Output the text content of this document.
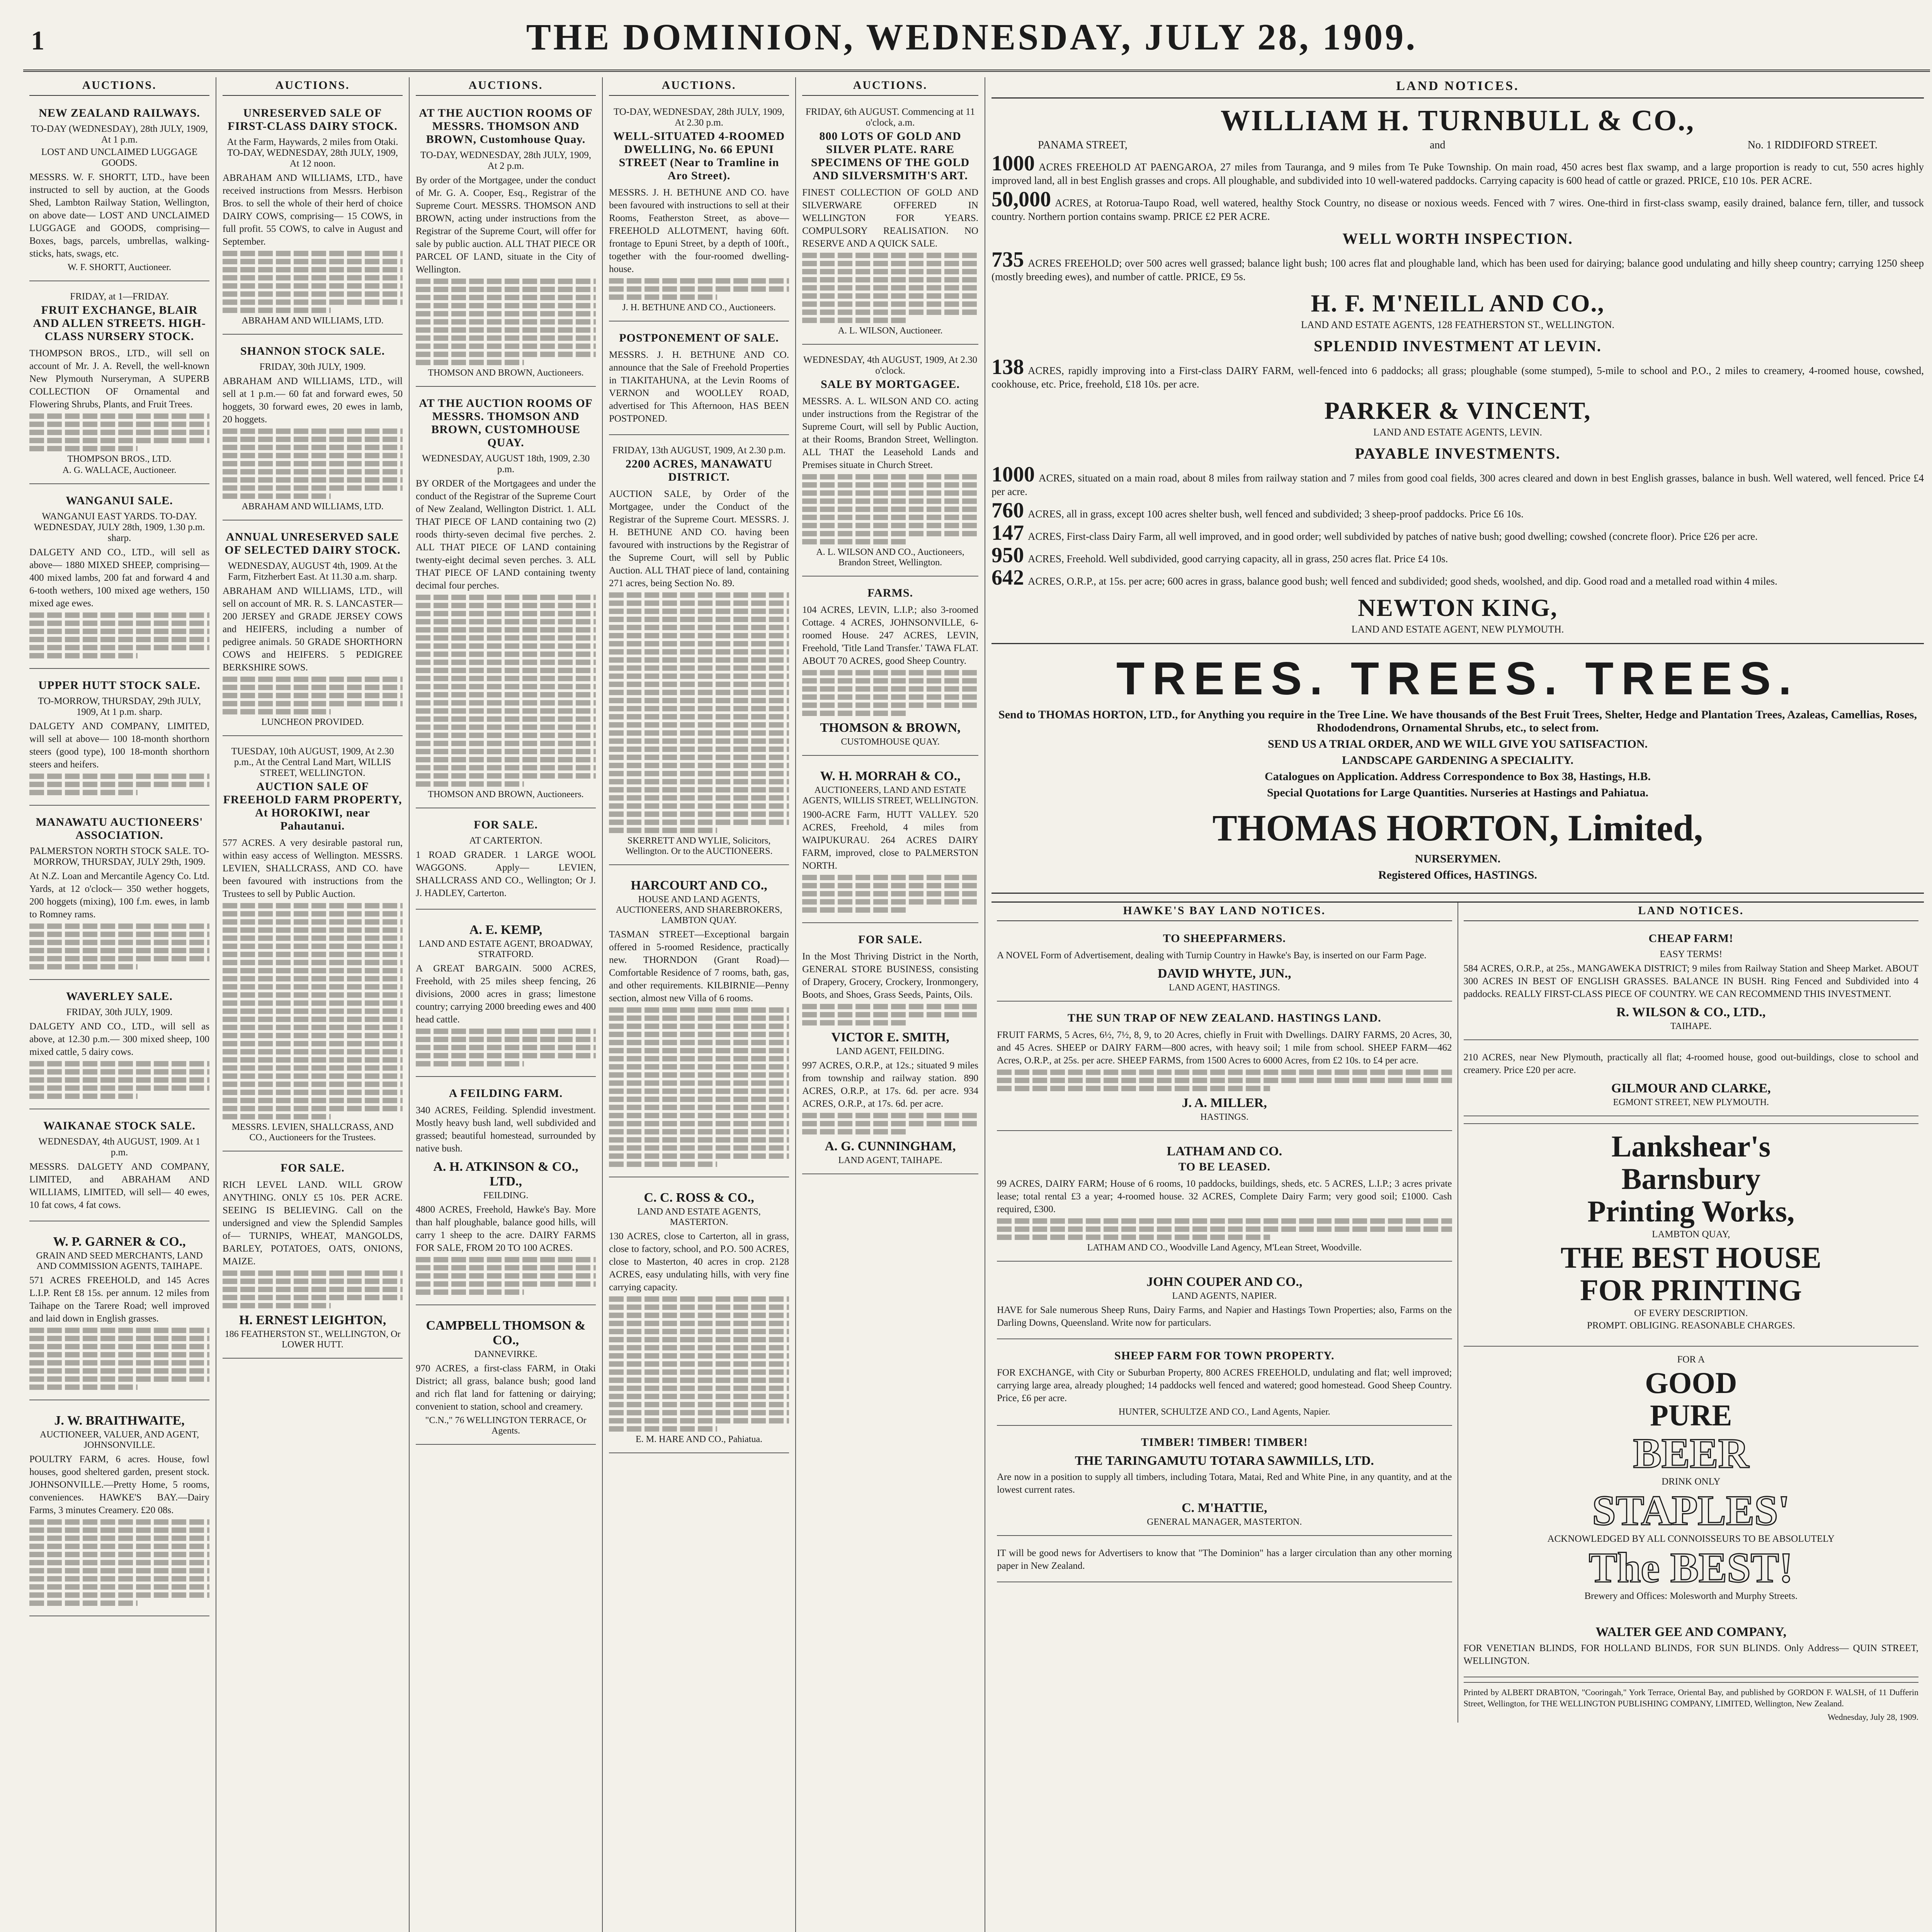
1	THE DOMINION, WEDNESDAY, JULY 28, 1909.
AUCTIONS.
NEW ZEALAND RAILWAYS.
TO-DAY (WEDNESDAY), 28th JULY, 1909, At 1 p.m.
LOST AND UNCLAIMED LUGGAGE GOODS.
MESSRS. W. F. SHORTT, LTD., have been instructed to sell by auction, at the Goods Shed, Lambton Railway Station, Wellington, on above date— LOST AND UNCLAIMED LUGGAGE and GOODS, comprising— Boxes, bags, parcels, umbrellas, walking-sticks, hats, swags, etc.
W. F. SHORTT, Auctioneer.
FRIDAY, at 1—FRIDAY.
FRUIT EXCHANGE, BLAIR AND ALLEN STREETS. HIGH-CLASS NURSERY STOCK.
THOMPSON BROS., LTD., will sell on account of Mr. J. A. Revell, the well-known New Plymouth Nurseryman, A SUPERB COLLECTION OF Ornamental and Flowering Shrubs, Plants, and Fruit Trees.
THOMPSON BROS., LTD.
A. G. WALLACE, Auctioneer.
WANGANUI SALE.
WANGANUI EAST YARDS. TO-DAY. WEDNESDAY, JULY 28th, 1909, 1.30 p.m. sharp.
DALGETY AND CO., LTD., will sell as above— 1880 MIXED SHEEP, comprising— 400 mixed lambs, 200 fat and forward 4 and 6-tooth wethers, 100 mixed age wethers, 150 mixed age ewes.
UPPER HUTT STOCK SALE.
TO-MORROW, THURSDAY, 29th JULY, 1909, At 1 p.m. sharp.
DALGETY AND COMPANY, LIMITED, will sell at above— 100 18-month shorthorn steers (good type), 100 18-month shorthorn steers and heifers.
MANAWATU AUCTIONEERS' ASSOCIATION.
PALMERSTON NORTH STOCK SALE. TO-MORROW, THURSDAY, JULY 29th, 1909.
At N.Z. Loan and Mercantile Agency Co. Ltd. Yards, at 12 o'clock— 350 wether hoggets, 200 hoggets (mixing), 100 f.m. ewes, in lamb to Romney rams.
WAVERLEY SALE.
FRIDAY, 30th JULY, 1909.
DALGETY AND CO., LTD., will sell as above, at 12.30 p.m.— 300 mixed sheep, 100 mixed cattle, 5 dairy cows.
WAIKANAE STOCK SALE.
WEDNESDAY, 4th AUGUST, 1909. At 1 p.m.
MESSRS. DALGETY AND COMPANY, LIMITED, and ABRAHAM AND WILLIAMS, LIMITED, will sell— 40 ewes, 10 fat cows, 4 fat cows.
W. P. GARNER & CO.,
GRAIN AND SEED MERCHANTS, LAND AND COMMISSION AGENTS, TAIHAPE.
571 ACRES FREEHOLD, and 145 Acres L.I.P. Rent £8 15s. per annum. 12 miles from Taihape on the Tarere Road; well improved and laid down in English grasses.
J. W. BRAITHWAITE,
AUCTIONEER, VALUER, AND AGENT, JOHNSONVILLE.
POULTRY FARM, 6 acres. House, fowl houses, good sheltered garden, present stock. JOHNSONVILLE.—Pretty Home, 5 rooms, conveniences. HAWKE'S BAY.—Dairy Farms, 3 minutes Creamery. £20 08s.
AUCTIONS.
UNRESERVED SALE OF FIRST-CLASS DAIRY STOCK.
At the Farm, Haywards, 2 miles from Otaki. TO-DAY, WEDNESDAY, 28th JULY, 1909, At 12 noon.
ABRAHAM AND WILLIAMS, LTD., have received instructions from Messrs. Herbison Bros. to sell the whole of their herd of choice DAIRY COWS, comprising— 15 COWS, in full profit. 55 COWS, to calve in August and September.
ABRAHAM AND WILLIAMS, LTD.
SHANNON STOCK SALE.
FRIDAY, 30th JULY, 1909.
ABRAHAM AND WILLIAMS, LTD., will sell at 1 p.m.— 60 fat and forward ewes, 50 hoggets, 30 forward ewes, 20 ewes in lamb, 20 hoggets.
ABRAHAM AND WILLIAMS, LTD.
ANNUAL UNRESERVED SALE OF SELECTED DAIRY STOCK.
WEDNESDAY, AUGUST 4th, 1909. At the Farm, Fitzherbert East. At 11.30 a.m. sharp.
ABRAHAM AND WILLIAMS, LTD., will sell on account of MR. R. S. LANCASTER— 200 JERSEY and GRADE JERSEY COWS and HEIFERS, including a number of pedigree animals. 50 GRADE SHORTHORN COWS and HEIFERS. 5 PEDIGREE BERKSHIRE SOWS.
LUNCHEON PROVIDED.
TUESDAY, 10th AUGUST, 1909, At 2.30 p.m., At the Central Land Mart, WILLIS STREET, WELLINGTON.
AUCTION SALE OF FREEHOLD FARM PROPERTY, At HOROKIWI, near Pahautanui.
577 ACRES. A very desirable pastoral run, within easy access of Wellington. MESSRS. LEVIEN, SHALLCRASS, AND CO. have been favoured with instructions from the Trustees to sell by Public Auction.
MESSRS. LEVIEN, SHALLCRASS, AND CO., Auctioneers for the Trustees.
FOR SALE.
RICH LEVEL LAND. WILL GROW ANYTHING. ONLY £5 10s. PER ACRE. SEEING IS BELIEVING. Call on the undersigned and view the Splendid Samples of— TURNIPS, WHEAT, MANGOLDS, BARLEY, POTATOES, OATS, ONIONS, MAIZE.
H. ERNEST LEIGHTON,
186 FEATHERSTON ST., WELLINGTON, Or LOWER HUTT.
AUCTIONS.
AT THE AUCTION ROOMS OF MESSRS. THOMSON AND BROWN, Customhouse Quay.
TO-DAY, WEDNESDAY, 28th JULY, 1909, At 2 p.m.
By order of the Mortgagee, under the conduct of Mr. G. A. Cooper, Esq., Registrar of the Supreme Court. MESSRS. THOMSON AND BROWN, acting under instructions from the Registrar of the Supreme Court, will offer for sale by public auction. ALL THAT PIECE OR PARCEL OF LAND, situate in the City of Wellington.
THOMSON AND BROWN, Auctioneers.
AT THE AUCTION ROOMS OF MESSRS. THOMSON AND BROWN, CUSTOMHOUSE QUAY.
WEDNESDAY, AUGUST 18th, 1909, 2.30 p.m.
BY ORDER of the Mortgagees and under the conduct of the Registrar of the Supreme Court of New Zealand, Wellington District. 1. ALL THAT PIECE OF LAND containing two (2) roods thirty-seven decimal five perches. 2. ALL THAT PIECE OF LAND containing twenty-eight decimal seven perches. 3. ALL THAT PIECE OF LAND containing twenty decimal four perches.
THOMSON AND BROWN, Auctioneers.
FOR SALE.
AT CARTERTON.
1 ROAD GRADER. 1 LARGE WOOL WAGGONS. Apply— LEVIEN, SHALLCRASS AND CO., Wellington; Or J. J. HADLEY, Carterton.
A. E. KEMP,
LAND AND ESTATE AGENT, BROADWAY, STRATFORD.
A GREAT BARGAIN. 5000 ACRES, Freehold, with 25 miles sheep fencing, 26 divisions, 2000 acres in grass; limestone country; carrying 2000 breeding ewes and 400 head cattle.
A FEILDING FARM.
340 ACRES, Feilding. Splendid investment. Mostly heavy bush land, well subdivided and grassed; beautiful homestead, surrounded by native bush.
A. H. ATKINSON & CO., LTD.,
FEILDING.
4800 ACRES, Freehold, Hawke's Bay. More than half ploughable, balance good hills, will carry 1 sheep to the acre. DAIRY FARMS FOR SALE, FROM 20 TO 100 ACRES.
CAMPBELL THOMSON & CO.,
DANNEVIRKE.
970 ACRES, a first-class FARM, in Otaki District; all grass, balance bush; good land and rich flat land for fattening or dairying; convenient to station, school and creamery.
"C.N.," 76 WELLINGTON TERRACE, Or Agents.
AUCTIONS.
TO-DAY, WEDNESDAY, 28th JULY, 1909, At 2.30 p.m.
WELL-SITUATED 4-ROOMED DWELLING, No. 66 EPUNI STREET (Near to Tramline in Aro Street).
MESSRS. J. H. BETHUNE AND CO. have been favoured with instructions to sell at their Rooms, Featherston Street, as above— FREEHOLD ALLOTMENT, having 60ft. frontage to Epuni Street, by a depth of 100ft., together with the four-roomed dwelling-house.
J. H. BETHUNE AND CO., Auctioneers.
POSTPONEMENT OF SALE.
MESSRS. J. H. BETHUNE AND CO. announce that the Sale of Freehold Properties in TIAKITAHUNA, at the Levin Rooms of VERNON and WOOLLEY ROAD, advertised for This Afternoon, HAS BEEN POSTPONED.
FRIDAY, 13th AUGUST, 1909, At 2.30 p.m.
2200 ACRES, MANAWATU DISTRICT.
AUCTION SALE, by Order of the Mortgagee, under the Conduct of the Registrar of the Supreme Court. MESSRS. J. H. BETHUNE AND CO. having been favoured with instructions by the Registrar of the Supreme Court, will sell by Public Auction. ALL THAT piece of land, containing 271 acres, being Section No. 89.
SKERRETT AND WYLIE, Solicitors, Wellington. Or to the AUCTIONEERS.
HARCOURT AND CO.,
HOUSE AND LAND AGENTS, AUCTIONEERS, AND SHAREBROKERS, LAMBTON QUAY.
TASMAN STREET—Exceptional bargain offered in 5-roomed Residence, practically new. THORNDON (Grant Road)—Comfortable Residence of 7 rooms, bath, gas, and other requirements. KILBIRNIE—Penny section, almost new Villa of 6 rooms.
C. C. ROSS & CO.,
LAND AND ESTATE AGENTS, MASTERTON.
130 ACRES, close to Carterton, all in grass, close to factory, school, and P.O. 500 ACRES, close to Masterton, 40 acres in crop. 2128 ACRES, easy undulating hills, with very fine carrying capacity.
E. M. HARE AND CO., Pahiatua.
AUCTIONS.
FRIDAY, 6th AUGUST. Commencing at 11 o'clock, a.m.
800 LOTS OF GOLD AND SILVER PLATE. RARE SPECIMENS OF THE GOLD AND SILVERSMITH'S ART.
FINEST COLLECTION OF GOLD AND SILVERWARE OFFERED IN WELLINGTON FOR YEARS. COMPULSORY REALISATION. NO RESERVE AND A QUICK SALE.
A. L. WILSON, Auctioneer.
WEDNESDAY, 4th AUGUST, 1909, At 2.30 o'clock.
SALE BY MORTGAGEE.
MESSRS. A. L. WILSON AND CO. acting under instructions from the Registrar of the Supreme Court, will sell by Public Auction, at their Rooms, Brandon Street, Wellington. ALL THAT the Leasehold Lands and Premises situate in Church Street.
A. L. WILSON AND CO., Auctioneers, Brandon Street, Wellington.
FARMS.
104 ACRES, LEVIN, L.I.P.; also 3-roomed Cottage. 4 ACRES, JOHNSONVILLE, 6-roomed House. 247 ACRES, LEVIN, Freehold, 'Title Land Transfer.' TAWA FLAT. ABOUT 70 ACRES, good Sheep Country.
THOMSON & BROWN,
CUSTOMHOUSE QUAY.
W. H. MORRAH & CO.,
AUCTIONEERS, LAND AND ESTATE AGENTS, WILLIS STREET, WELLINGTON.
1900-ACRE Farm, HUTT VALLEY. 520 ACRES, Freehold, 4 miles from WAIPUKURAU. 264 ACRES DAIRY FARM, improved, close to PALMERSTON NORTH.
FOR SALE.
In the Most Thriving District in the North, GENERAL STORE BUSINESS, consisting of Drapery, Grocery, Crockery, Ironmongery, Boots, and Shoes, Grass Seeds, Paints, Oils.
VICTOR E. SMITH,
LAND AGENT, FEILDING.
997 ACRES, O.R.P., at 12s.; situated 9 miles from township and railway station. 890 ACRES, O.R.P., at 17s. 6d. per acre. 934 ACRES, O.R.P., at 17s. 6d. per acre.
A. G. CUNNINGHAM,
LAND AGENT, TAIHAPE.
LAND NOTICES.
WILLIAM H. TURNBULL & CO.,
PANAMA STREET,	and	No. 1 RIDDIFORD STREET.
1000 ACRES FREEHOLD AT PAENGAROA, 27 miles from Tauranga, and 9 miles from Te Puke Township. On main road, 450 acres best flax swamp, and a large proportion is ready to cut, 550 acres highly improved land, all in best English grasses and crops. All ploughable, and subdivided into 10 well-watered paddocks. Carrying capacity is 600 head of cattle or grazed. PRICE, £10 10s. PER ACRE.
50,000 ACRES, at Rotorua-Taupo Road, well watered, healthy Stock Country, no disease or noxious weeds. Fenced with 7 wires. One-third in first-class swamp, easily drained, balance fern, tiller, and tussock country. Northern portion contains swamp. PRICE £2 PER ACRE.
WELL WORTH INSPECTION.
735 ACRES FREEHOLD; over 500 acres well grassed; balance light bush; 100 acres flat and ploughable land, which has been used for dairying; balance good undulating and hilly sheep country; carrying 1250 sheep (mostly breeding ewes), and number of cattle. PRICE, £9 5s.
H. F. M'NEILL AND CO.,
LAND AND ESTATE AGENTS, 128 FEATHERSTON ST., WELLINGTON.
SPLENDID INVESTMENT AT LEVIN.
138 ACRES, rapidly improving into a First-class DAIRY FARM, well-fenced into 6 paddocks; all grass; ploughable (some stumped), 5-mile to school and P.O., 2 miles to creamery, 4-roomed house, cowshed, cookhouse, etc. Price, freehold, £18 10s. per acre.
PARKER & VINCENT,
LAND AND ESTATE AGENTS, LEVIN.
PAYABLE INVESTMENTS.
1000 ACRES, situated on a main road, about 8 miles from railway station and 7 miles from good coal fields, 300 acres cleared and down in best English grasses, balance in bush. Well watered, well fenced. Price £4 per acre.
760 ACRES, all in grass, except 100 acres shelter bush, well fenced and subdivided; 3 sheep-proof paddocks. Price £6 10s.
147 ACRES, First-class Dairy Farm, all well improved, and in good order; well subdivided by patches of native bush; good dwelling; cowshed (concrete floor). Price £26 per acre.
950 ACRES, Freehold. Well subdivided, good carrying capacity, all in grass, 250 acres flat. Price £4 10s.
642 ACRES, O.R.P., at 15s. per acre; 600 acres in grass, balance good bush; well fenced and subdivided; good sheds, woolshed, and dip. Good road and a metalled road within 4 miles.
NEWTON KING,
LAND AND ESTATE AGENT, NEW PLYMOUTH.
TREES. TREES. TREES.
Send to THOMAS HORTON, LTD., for Anything you require in the Tree Line. We have thousands of the Best Fruit Trees, Shelter, Hedge and Plantation Trees, Azaleas, Camellias, Roses, Rhododendrons, Ornamental Shrubs, etc., to select from.
SEND US A TRIAL ORDER, AND WE WILL GIVE YOU SATISFACTION.
LANDSCAPE GARDENING A SPECIALITY.
Catalogues on Application. Address Correspondence to Box 38, Hastings, H.B.
Special Quotations for Large Quantities. Nurseries at Hastings and Pahiatua.
THOMAS HORTON, Limited,
NURSERYMEN.
Registered Offices, HASTINGS.
HAWKE'S BAY LAND NOTICES.
TO SHEEPFARMERS.
A NOVEL Form of Advertisement, dealing with Turnip Country in Hawke's Bay, is inserted on our Farm Page.
DAVID WHYTE, JUN.,
LAND AGENT, HASTINGS.
THE SUN TRAP OF NEW ZEALAND. HASTINGS LAND.
FRUIT FARMS, 5 Acres, 6½, 7½, 8, 9, to 20 Acres, chiefly in Fruit with Dwellings. DAIRY FARMS, 20 Acres, 30, and 45 Acres. SHEEP or DAIRY FARM—800 acres, with heavy soil; 1 mile from school. SHEEP FARM—462 Acres, O.R.P., at 25s. per acre. SHEEP FARMS, from 1500 Acres to 6000 Acres, from £2 10s. to £4 per acre.
J. A. MILLER,
HASTINGS.
LATHAM AND CO.
TO BE LEASED.
99 ACRES, DAIRY FARM; House of 6 rooms, 10 paddocks, buildings, sheds, etc. 5 ACRES, L.I.P.; 3 acres private lease; total rental £3 a year; 4-roomed house. 32 ACRES, Complete Dairy Farm; very good soil; £1000. Cash required, £300.
LATHAM AND CO., Woodville Land Agency, M'Lean Street, Woodville.
JOHN COUPER AND CO.,
LAND AGENTS, NAPIER.
HAVE for Sale numerous Sheep Runs, Dairy Farms, and Napier and Hastings Town Properties; also, Farms on the Darling Downs, Queensland. Write now for particulars.
SHEEP FARM FOR TOWN PROPERTY.
FOR EXCHANGE, with City or Suburban Property, 800 ACRES FREEHOLD, undulating and flat; well improved; carrying large area, already ploughed; 14 paddocks well fenced and watered; good homestead. Good Sheep Country. Price, £6 per acre.
HUNTER, SCHULTZE AND CO., Land Agents, Napier.
TIMBER! TIMBER! TIMBER!
THE TARINGAMUTU TOTARA SAWMILLS, LTD.
Are now in a position to supply all timbers, including Totara, Matai, Red and White Pine, in any quantity, and at the lowest current rates.
C. M'HATTIE,
GENERAL MANAGER, MASTERTON.
IT will be good news for Advertisers to know that "The Dominion" has a larger circulation than any other morning paper in New Zealand.
LAND NOTICES.
CHEAP FARM!
EASY TERMS!
584 ACRES, O.R.P., at 25s., MANGAWEKA DISTRICT; 9 miles from Railway Station and Sheep Market. ABOUT 300 ACRES IN BEST OF ENGLISH GRASSES. BALANCE IN BUSH. Ring Fenced and Subdivided into 4 paddocks. REALLY FIRST-CLASS PIECE OF COUNTRY. WE CAN RECOMMEND THIS INVESTMENT.
R. WILSON & CO., LTD.,
TAIHAPE.
210 ACRES, near New Plymouth, practically all flat; 4-roomed house, good out-buildings, close to school and creamery. Price £20 per acre.
GILMOUR AND CLARKE,
EGMONT STREET, NEW PLYMOUTH.
Lankshear's
Barnsbury
Printing Works,
LAMBTON QUAY,
THE BEST HOUSE
FOR PRINTING
OF EVERY DESCRIPTION.
PROMPT. OBLIGING. REASONABLE CHARGES.
FOR A
GOOD
PURE
BEER
DRINK ONLY
STAPLES'
ACKNOWLEDGED BY ALL CONNOISSEURS TO BE ABSOLUTELY
The BEST!
Brewery and Offices: Molesworth and Murphy Streets.
WALTER GEE AND COMPANY,
FOR VENETIAN BLINDS, FOR HOLLAND BLINDS, FOR SUN BLINDS. Only Address— QUIN STREET, WELLINGTON.
Printed by ALBERT DRABTON, "Cooringah," York Terrace, Oriental Bay, and published by GORDON F. WALSH, of 11 Dufferin Street, Wellington, for THE WELLINGTON PUBLISHING COMPANY, LIMITED, Wellington, New Zealand.
Wednesday, July 28, 1909.
